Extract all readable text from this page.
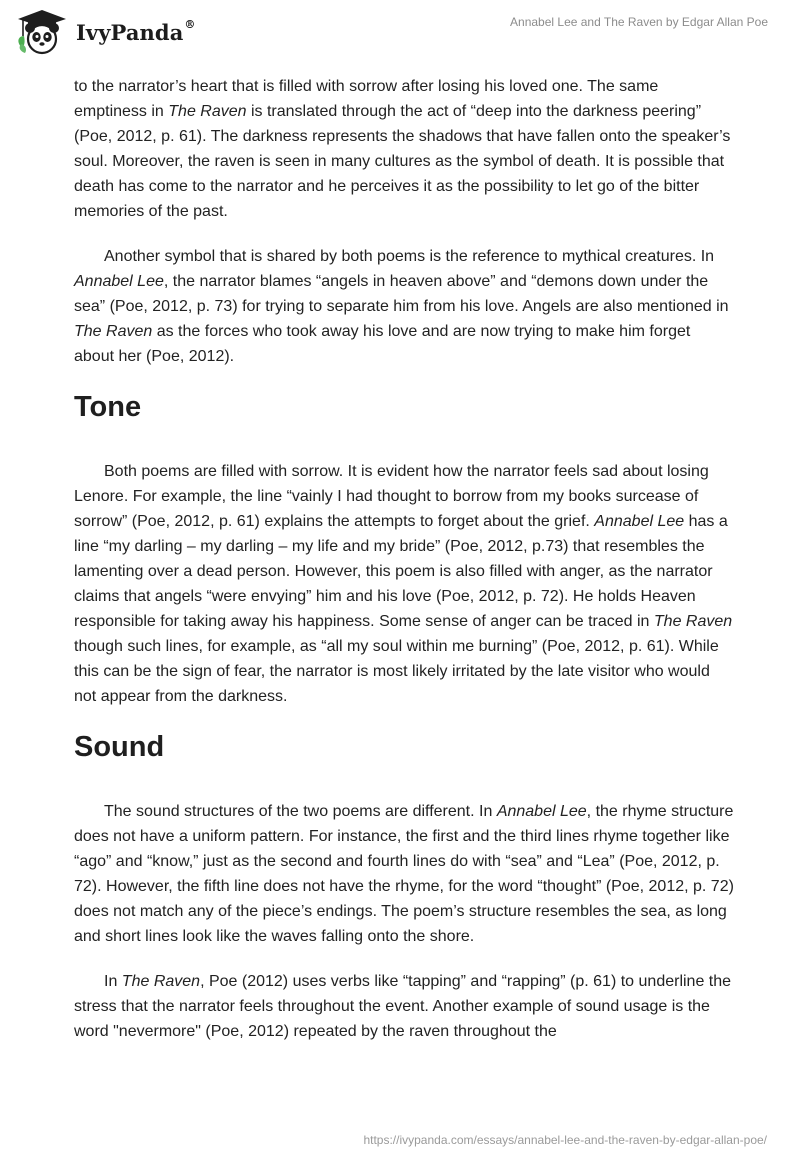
IvyPanda®	Annabel Lee and The Raven by Edgar Allan Poe

to the narrator’s heart that is filled with sorrow after losing his loved one. The same emptiness in The Raven is translated through the act of “deep into the darkness peering” (Poe, 2012, p. 61). The darkness represents the shadows that have fallen onto the speaker’s soul. Moreover, the raven is seen in many cultures as the symbol of death. It is possible that death has come to the narrator and he perceives it as the possibility to let go of the bitter memories of the past.

Another symbol that is shared by both poems is the reference to mythical creatures. In Annabel Lee, the narrator blames “angels in heaven above” and “demons down under the sea” (Poe, 2012, p. 73) for trying to separate him from his love. Angels are also mentioned in The Raven as the forces who took away his love and are now trying to make him forget about her (Poe, 2012).

Tone

Both poems are filled with sorrow. It is evident how the narrator feels sad about losing Lenore. For example, the line “vainly I had thought to borrow from my books surcease of sorrow” (Poe, 2012, p. 61) explains the attempts to forget about the grief. Annabel Lee has a line “my darling – my darling – my life and my bride” (Poe, 2012, p.73) that resembles the lamenting over a dead person. However, this poem is also filled with anger, as the narrator claims that angels “were envying” him and his love (Poe, 2012, p. 72). He holds Heaven responsible for taking away his happiness. Some sense of anger can be traced in The Raven though such lines, for example, as “all my soul within me burning” (Poe, 2012, p. 61). While this can be the sign of fear, the narrator is most likely irritated by the late visitor who would not appear from the darkness.

Sound

The sound structures of the two poems are different. In Annabel Lee, the rhyme structure does not have a uniform pattern. For instance, the first and the third lines rhyme together like “ago” and “know,” just as the second and fourth lines do with “sea” and “Lea” (Poe, 2012, p. 72). However, the fifth line does not have the rhyme, for the word “thought” (Poe, 2012, p. 72) does not match any of the piece’s endings. The poem’s structure resembles the sea, as long and short lines look like the waves falling onto the shore.

In The Raven, Poe (2012) uses verbs like “tapping” and “rapping” (p. 61) to underline the stress that the narrator feels throughout the event. Another example of sound usage is the word "nevermore" (Poe, 2012) repeated by the raven throughout the

https://ivypanda.com/essays/annabel-lee-and-the-raven-by-edgar-allan-poe/
